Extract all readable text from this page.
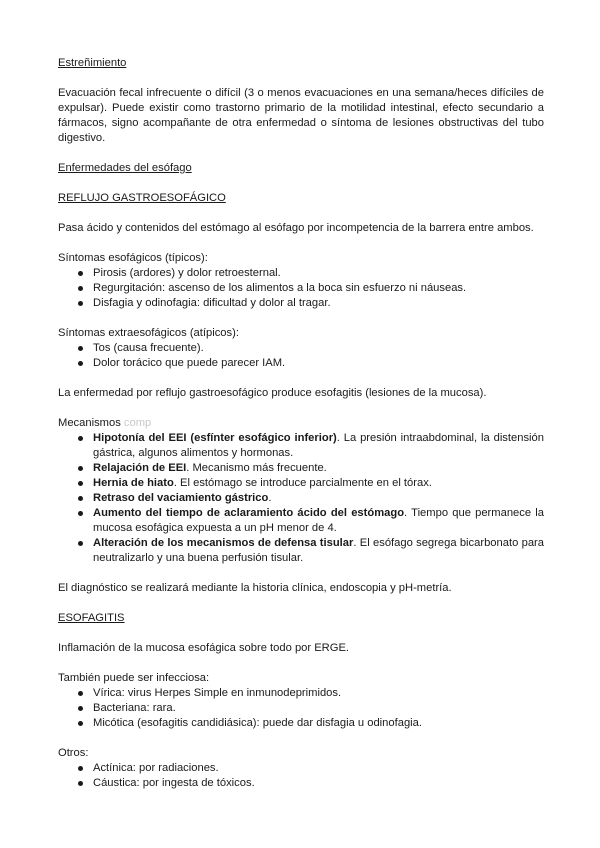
Estreñimiento

Evacuación fecal infrecuente o difícil (3 o menos evacuaciones en una semana/heces difíciles de expulsar). Puede existir como trastorno primario de la motilidad intestinal, efecto secundario a fármacos, signo acompañante de otra enfermedad o síntoma de lesiones obstructivas del tubo digestivo.

Enfermedades del esófago

REFLUJO GASTROESOFÁGICO

Pasa ácido y contenidos del estómago al esófago por incompetencia de la barrera entre ambos.

Síntomas esofágicos (típicos):

Pirosis (ardores) y dolor retroesternal.
Regurgitación: ascenso de los alimentos a la boca sin esfuerzo ni náuseas.
Disfagia y odinofagia: dificultad y dolor al tragar.

Síntomas extraesofágicos (atípicos):

Tos (causa frecuente).
Dolor torácico que puede parecer IAM.

La enfermedad por reflujo gastroesofágico produce esofagitis (lesiones de la mucosa).

Mecanismos comp

Hipotonía del EEI (esfínter esofágico inferior). La presión intraabdominal, la distensión gástrica, algunos alimentos y hormonas.
Relajación de EEI. Mecanismo más frecuente.
Hernia de hiato. El estómago se introduce parcialmente en el tórax.
Retraso del vaciamiento gástrico.
Aumento del tiempo de aclaramiento ácido del estómago. Tiempo que permanece la mucosa esofágica expuesta a un pH menor de 4.
Alteración de los mecanismos de defensa tisular. El esófago segrega bicarbonato para neutralizarlo y una buena perfusión tisular.

El diagnóstico se realizará mediante la historia clínica, endoscopia y pH-metría.

ESOFAGITIS

Inflamación de la mucosa esofágica sobre todo por ERGE.

También puede ser infecciosa:

Vírica: virus Herpes Simple en inmunodeprimidos.
Bacteriana: rara.
Micótica (esofagitis candidiásica): puede dar disfagia u odinofagia.

Otros:

Actínica: por radiaciones.
Cáustica: por ingesta de tóxicos.
